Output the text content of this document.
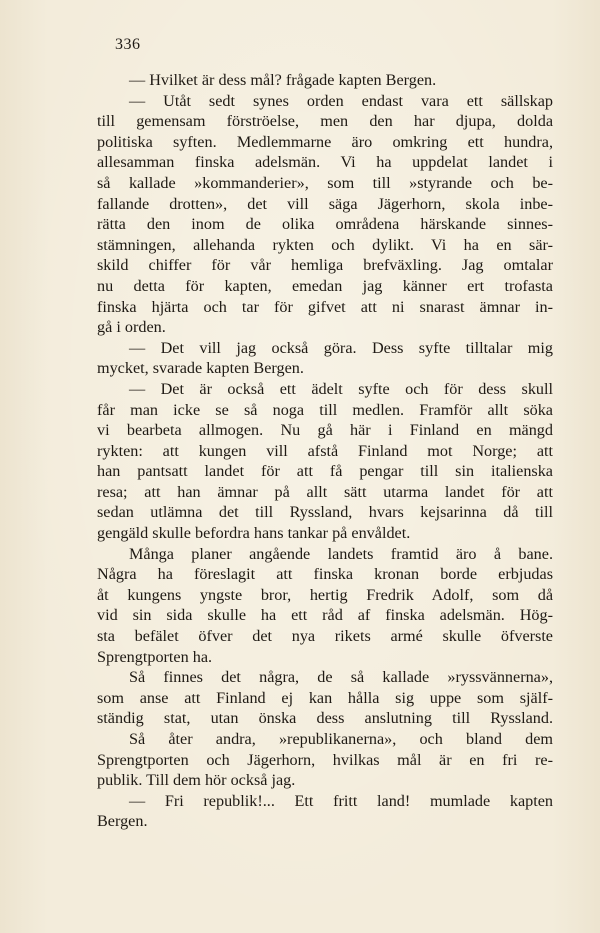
336
— Hvilket är dess mål? frågade kapten Bergen.
— Utåt sedt synes orden endast vara ett sällskap
till gemensam förströelse, men den har djupa, dolda
politiska syften. Medlemmarne äro omkring ett hundra,
allesamman finska adelsmän. Vi ha uppdelat landet i
så kallade »kommanderier», som till »styrande och be-
fallande drotten», det vill säga Jägerhorn, skola inbe-
rätta den inom de olika områdena härskande sinnes-
stämningen, allehanda rykten och dylikt. Vi ha en sär-
skild chiffer för vår hemliga brefväxling. Jag omtalar
nu detta för kapten, emedan jag känner ert trofasta
finska hjärta och tar för gifvet att ni snarast ämnar in-
gå i orden.
— Det vill jag också göra. Dess syfte tilltalar mig
mycket, svarade kapten Bergen.
— Det är också ett ädelt syfte och för dess skull
får man icke se så noga till medlen. Framför allt söka
vi bearbeta allmogen. Nu gå här i Finland en mängd
rykten: att kungen vill afstå Finland mot Norge; att
han pantsatt landet för att få pengar till sin italienska
resa; att han ämnar på allt sätt utarma landet för att
sedan utlämna det till Ryssland, hvars kejsarinna då till
gengäld skulle befordra hans tankar på envåldet.
Många planer angående landets framtid äro å bane.
Några ha föreslagit att finska kronan borde erbjudas
åt kungens yngste bror, hertig Fredrik Adolf, som då
vid sin sida skulle ha ett råd af finska adelsmän. Hög-
sta befälet öfver det nya rikets armé skulle öfverste
Sprengtporten ha.
Så finnes det några, de så kallade »ryssvännerna»,
som anse att Finland ej kan hålla sig uppe som själf-
ständig stat, utan önska dess anslutning till Ryssland.
Så åter andra, »republikanerna», och bland dem
Sprengtporten och Jägerhorn, hvilkas mål är en fri re-
publik. Till dem hör också jag.
— Fri republik!... Ett fritt land! mumlade kapten
Bergen.
